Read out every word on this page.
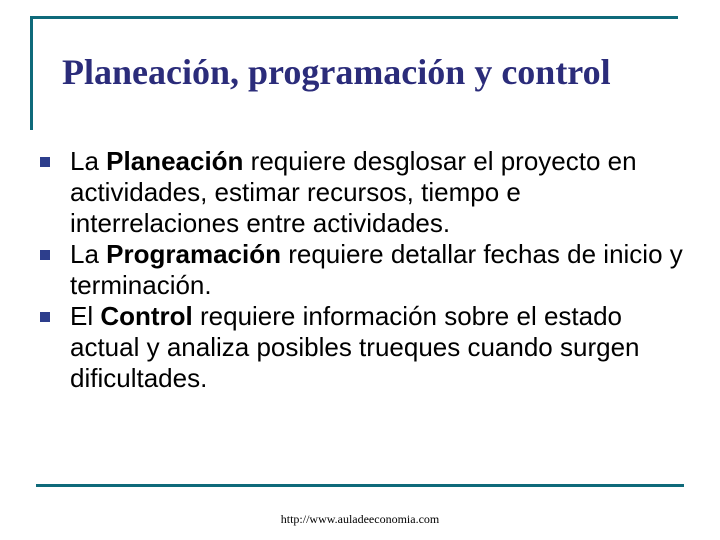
Planeación, programación y control
La Planeación requiere desglosar el proyecto en actividades, estimar recursos, tiempo e interrelaciones entre actividades.
La Programación requiere detallar fechas de inicio y terminación.
El Control requiere información sobre el estado actual y analiza posibles trueques cuando surgen dificultades.
http://www.auladeeconomia.com
